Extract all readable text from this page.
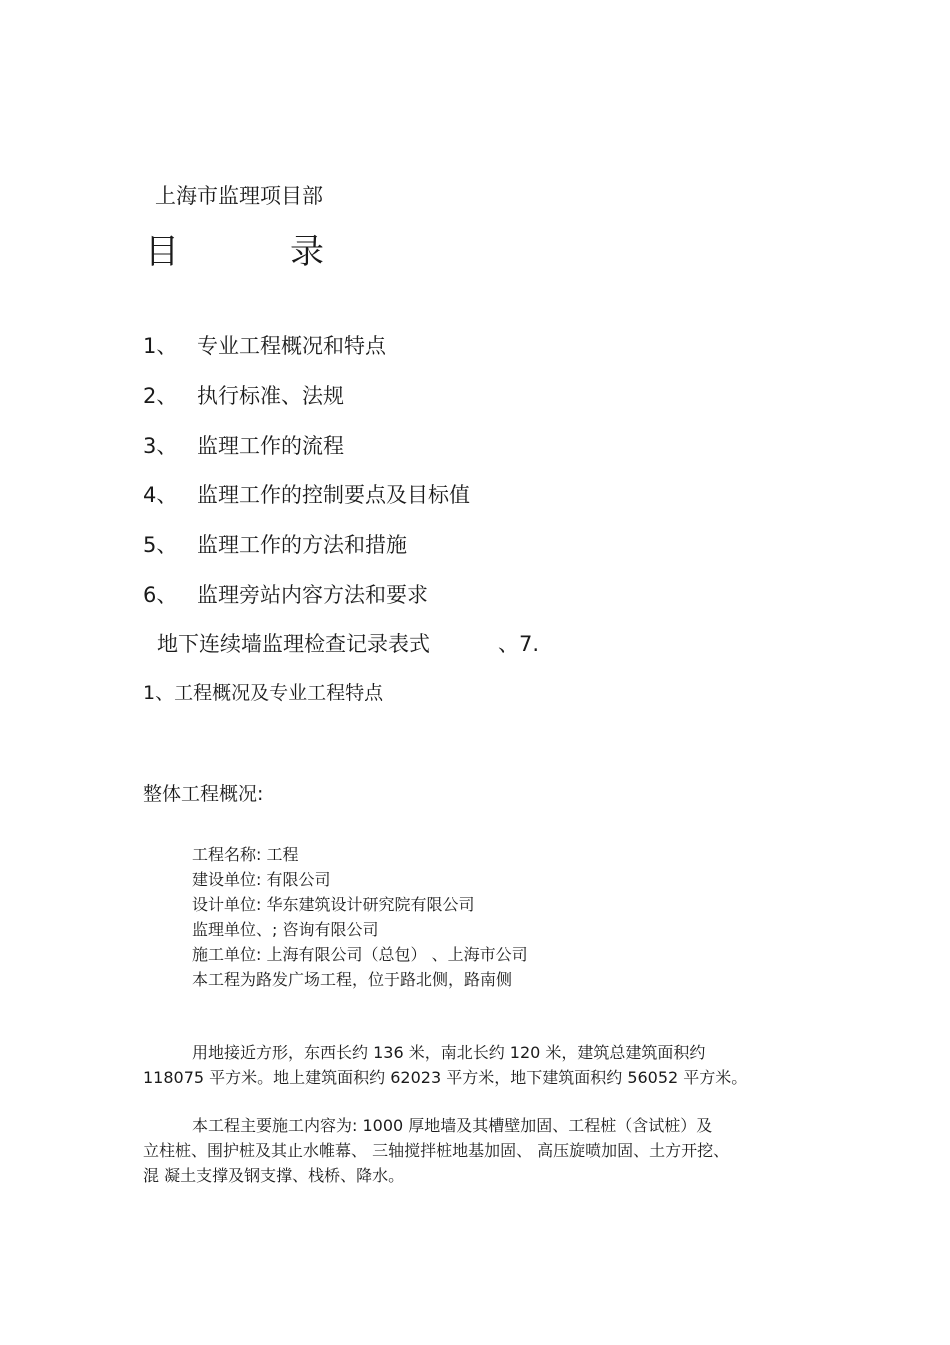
上海市监理项目部
目	录
1、 专业工程概况和特点
2、 执行标准、法规
3、 监理工作的流程
4、 监理工作的控制要点及目标值
5、 监理工作的方法和措施
6、 监理旁站内容方法和要求
地下连续墙监理检查记录表式	、7.
1、工程概况及专业工程特点
整体工程概况:
工程名称: 工程
建设单位: 有限公司
设计单位: 华东建筑设计研究院有限公司
监理单位、; 咨询有限公司
施工单位: 上海有限公司（总包） 、上海市公司
本工程为路发广场工程，位于路北侧，路南侧
用地接近方形，东西长约 136 米，南北长约 120 米，建筑总建筑面积约
118075 平方米。地上建筑面积约 62023 平方米，地下建筑面积约 56052 平方米。
本工程主要施工内容为: 1000 厚地墙及其槽壁加固、工程桩（含试桩）及
立柱桩、围护桩及其止水帷幕、 三轴搅拌桩地基加固、 高压旋喷加固、土方开挖、
混 凝土支撑及钢支撑、栈桥、降水。
